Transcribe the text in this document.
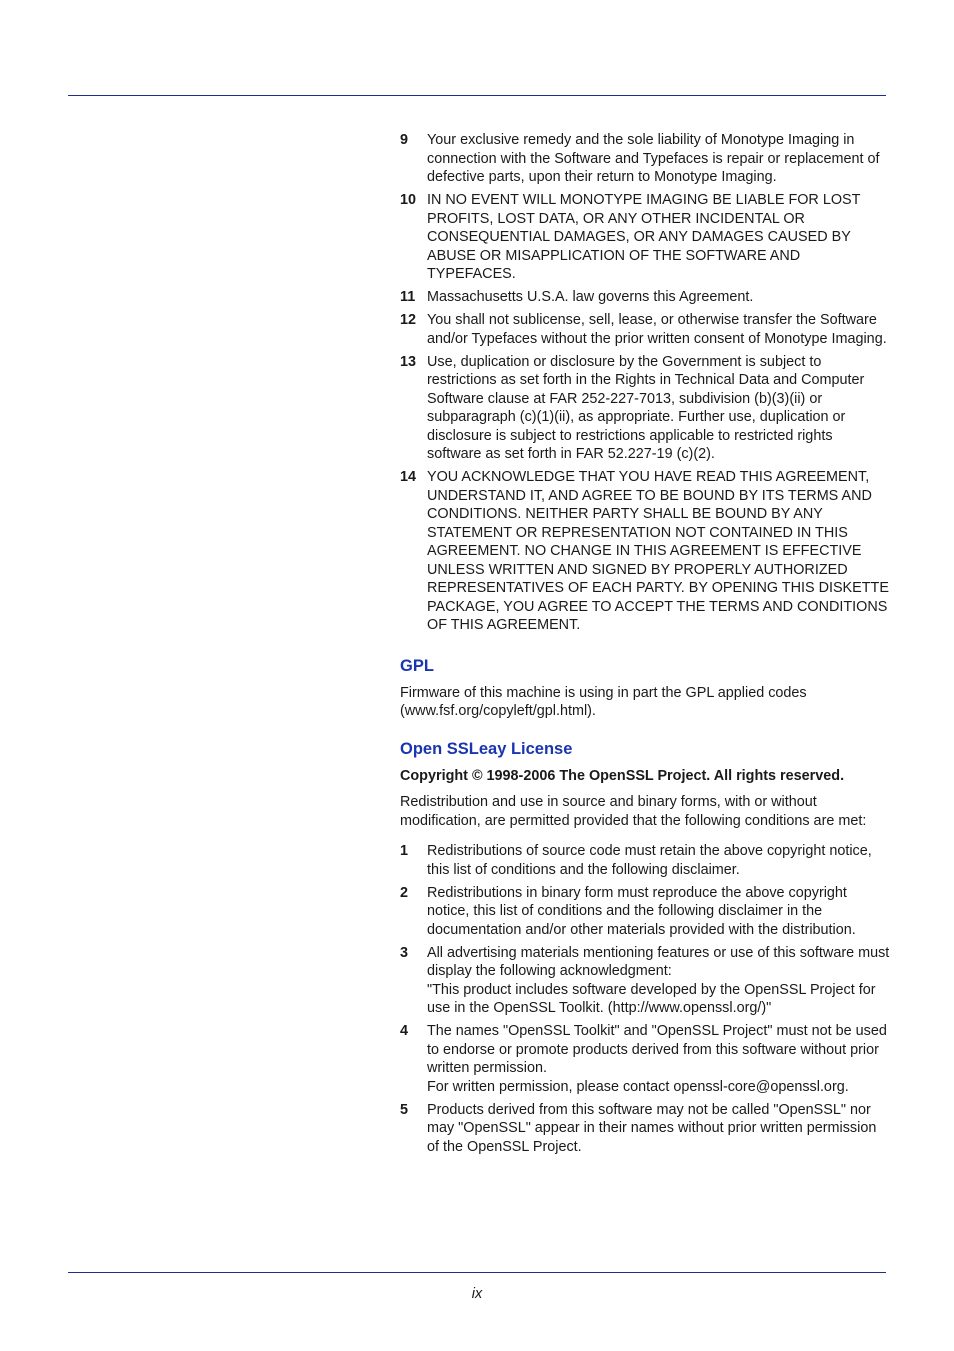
9 Your exclusive remedy and the sole liability of Monotype Imaging in connection with the Software and Typefaces is repair or replacement of defective parts, upon their return to Monotype Imaging.
10 IN NO EVENT WILL MONOTYPE IMAGING BE LIABLE FOR LOST PROFITS, LOST DATA, OR ANY OTHER INCIDENTAL OR CONSEQUENTIAL DAMAGES, OR ANY DAMAGES CAUSED BY ABUSE OR MISAPPLICATION OF THE SOFTWARE AND TYPEFACES.
11 Massachusetts U.S.A. law governs this Agreement.
12 You shall not sublicense, sell, lease, or otherwise transfer the Software and/or Typefaces without the prior written consent of Monotype Imaging.
13 Use, duplication or disclosure by the Government is subject to restrictions as set forth in the Rights in Technical Data and Computer Software clause at FAR 252-227-7013, subdivision (b)(3)(ii) or subparagraph (c)(1)(ii), as appropriate. Further use, duplication or disclosure is subject to restrictions applicable to restricted rights software as set forth in FAR 52.227-19 (c)(2).
14 YOU ACKNOWLEDGE THAT YOU HAVE READ THIS AGREEMENT, UNDERSTAND IT, AND AGREE TO BE BOUND BY ITS TERMS AND CONDITIONS. NEITHER PARTY SHALL BE BOUND BY ANY STATEMENT OR REPRESENTATION NOT CONTAINED IN THIS AGREEMENT. NO CHANGE IN THIS AGREEMENT IS EFFECTIVE UNLESS WRITTEN AND SIGNED BY PROPERLY AUTHORIZED REPRESENTATIVES OF EACH PARTY. BY OPENING THIS DISKETTE PACKAGE, YOU AGREE TO ACCEPT THE TERMS AND CONDITIONS OF THIS AGREEMENT.
GPL

Firmware of this machine is using in part the GPL applied codes (www.fsf.org/copyleft/gpl.html).

Open SSLeay License

Copyright © 1998-2006 The OpenSSL Project. All rights reserved.

Redistribution and use in source and binary forms, with or without modification, are permitted provided that the following conditions are met:

1 Redistributions of source code must retain the above copyright notice, this list of conditions and the following disclaimer.
2 Redistributions in binary form must reproduce the above copyright notice, this list of conditions and the following disclaimer in the documentation and/or other materials provided with the distribution.
3 All advertising materials mentioning features or use of this software must display the following acknowledgment:
"This product includes software developed by the OpenSSL Project for use in the OpenSSL Toolkit. (http://www.openssl.org/)"
4 The names "OpenSSL Toolkit" and "OpenSSL Project" must not be used to endorse or promote products derived from this software without prior written permission.
For written permission, please contact openssl-core@openssl.org.
5 Products derived from this software may not be called "OpenSSL" nor may "OpenSSL" appear in their names without prior written permission of the OpenSSL Project.
ix
